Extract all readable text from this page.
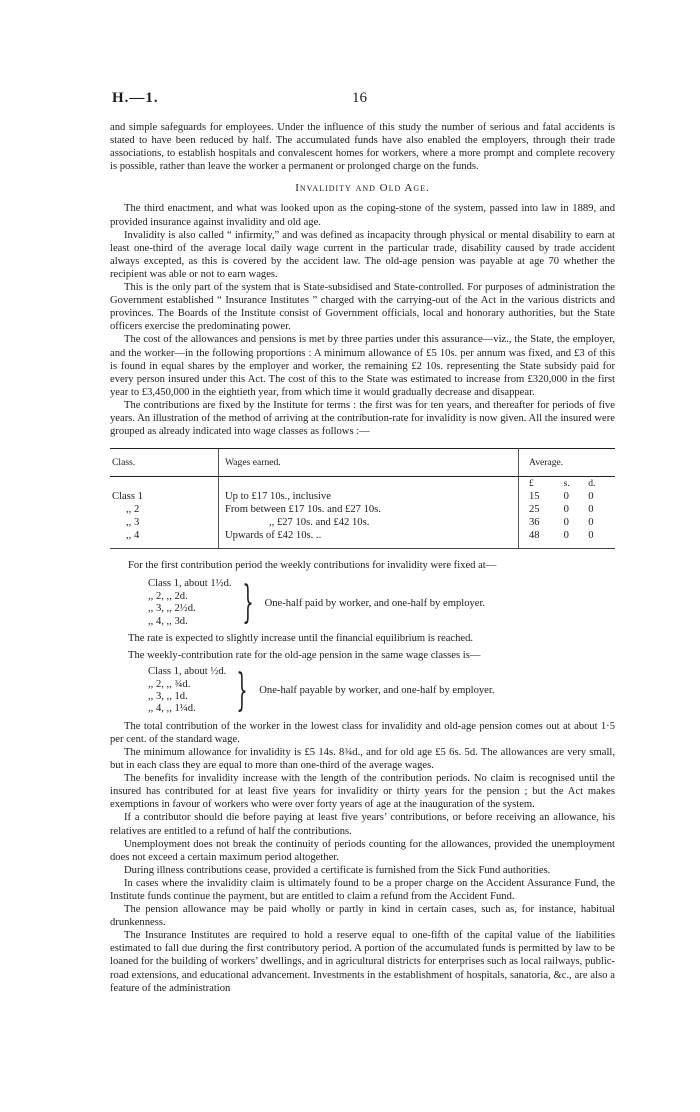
H.—1.	16

and simple safeguards for employees. Under the influence of this study the number of serious and fatal accidents is stated to have been reduced by half. The accumulated funds have also enabled the employers, through their trade associations, to establish hospitals and convalescent homes for workers, where a more prompt and complete recovery is possible, rather than leave the worker a permanent or prolonged charge on the funds.

Invalidity and Old Age.

The third enactment, and what was looked upon as the coping-stone of the system, passed into law in 1889, and provided insurance against invalidity and old age.

Invalidity is also called “ infirmity,” and was defined as incapacity through physical or mental disability to earn at least one-third of the average local daily wage current in the particular trade, disability caused by trade accident always excepted, as this is covered by the accident law. The old-age pension was payable at age 70 whether the recipient was able or not to earn wages.

This is the only part of the system that is State-subsidised and State-controlled. For purposes of administration the Government established “ Insurance Institutes ” charged with the carrying-out of the Act in the various districts and provinces. The Boards of the Institute consist of Government officials, local and honorary authorities, but the State officers exercise the predominating power.

The cost of the allowances and pensions is met by three parties under this assurance—viz., the State, the employer, and the worker—in the following proportions : A minimum allowance of £5 10s. per annum was fixed, and £3 of this is found in equal shares by the employer and worker, the remaining £2 10s. representing the State subsidy paid for every person insured under this Act. The cost of this to the State was estimated to increase from £320,000 in the first year to £3,450,000 in the eightieth year, from which time it would gradually decrease and disappear.

The contributions are fixed by the Institute for terms : the first was for ten years, and thereafter for periods of five years. An illustration of the method of arriving at the contribution-rate for invalidity is now given. All the insured were grouped as already indicated into wage classes as follows :—

Class.	Wages earned.	Average.		
		£	s.	d.
Class 1	Up to £17 10s., inclusive	15	0	0
,, 2	From between £17 10s. and £27 10s.	25	0	0
,, 3	,, £27 10s. and £42 10s.	36	0	0
,, 4	Upwards of £42 10s. ..	48	0	0

For the first contribution period the weekly contributions for invalidity were fixed at—

Class 1, about 1½d.
,, 2, ,, 2d.
,, 3, ,, 2½d.
,, 4, ,, 3d.	} One-half paid by worker, and one-half by employer.

The rate is expected to slightly increase until the financial equilibrium is reached.

The weekly-contribution rate for the old-age pension in the same wage classes is—

Class 1, about ½d.
,, 2, ,, ¾d.
,, 3, ,, 1d.
,, 4, ,, 1¼d. } One-half payable by worker, and one-half by employer.

The total contribution of the worker in the lowest class for invalidity and old-age pension comes out at about 1·5 per cent. of the standard wage.

The minimum allowance for invalidity is £5 14s. 8¾d., and for old age £5 6s. 5d. The allowances are very small, but in each class they are equal to more than one-third of the average wages.

The benefits for invalidity increase with the length of the contribution periods. No claim is recognised until the insured has contributed for at least five years for invalidity or thirty years for the pension ; but the Act makes exemptions in favour of workers who were over forty years of age at the inauguration of the system.

If a contributor should die before paying at least five years’ contributions, or before receiving an allowance, his relatives are entitled to a refund of half the contributions.

Unemployment does not break the continuity of periods counting for the allowances, provided the unemployment does not exceed a certain maximum period altogether.

During illness contributions cease, provided a certificate is furnished from the Sick Fund authorities.

In cases where the invalidity claim is ultimately found to be a proper charge on the Accident Assurance Fund, the Institute funds continue the payment, but are entitled to claim a refund from the Accident Fund.

The pension allowance may be paid wholly or partly in kind in certain cases, such as, for instance, habitual drunkenness.

The Insurance Institutes are required to hold a reserve equal to one-fifth of the capital value of the liabilities estimated to fall due during the first contributory period. A portion of the accumulated funds is permitted by law to be loaned for the building of workers’ dwellings, and in agricultural districts for enterprises such as local railways, public-road extensions, and educational advancement. Investments in the establishment of hospitals, sanatoria, &c., are also a feature of the administration
